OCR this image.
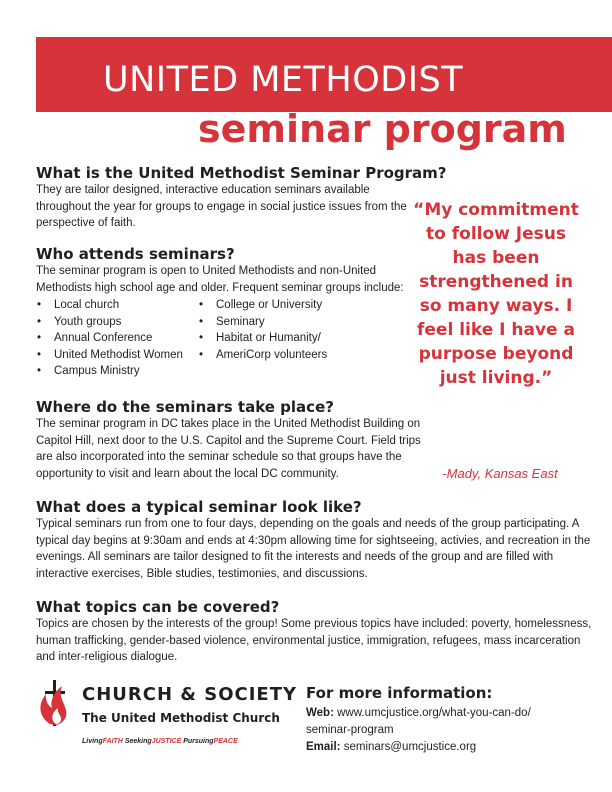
UNITED METHODIST
seminar program
What is the United Methodist Seminar Program?
They are tailor designed, interactive education seminars available throughout the year for groups to engage in social justice issues from the perspective of faith.
Who attends seminars?
The seminar program is open to United Methodists and non-United Methodists high school age and older. Frequent seminar groups include:
• Local church
• Youth groups
• Annual Conference
• United Methodist Women
• Campus Ministry
• College or University
• Seminary
• Habitat or Humanity/
• AmeriCorp volunteers
Where do the seminars take place?
The seminar program in DC takes place in the United Methodist Building on Capitol Hill, next door to the U.S. Capitol and the Supreme Court. Field trips are also incorporated into the seminar schedule so that groups have the opportunity to visit and learn about the local DC community.
What does a typical seminar look like?
Typical seminars run from one to four days, depending on the goals and needs of the group participating. A typical day begins at 9:30am and ends at 4:30pm allowing time for sightseeing, activies, and recreation in the evenings. All seminars are tailor designed to fit the interests and needs of the group and are filled with interactive exercises, Bible studies, testimonies, and discussions.
What topics can be covered?
Topics are chosen by the interests of the group! Some previous topics have included: poverty, homelessness, human trafficking, gender-based violence, environmental justice, immigration, refugees, mass incarceration and inter-religious dialogue.
“My commitment to follow Jesus has been strengthened in so many ways. I feel like I have a purpose beyond just living.”
-Mady, Kansas East
CHURCH & SOCIETY
The United Methodist Church
LivingFAITH SeekingJUSTICE PursuingPEACE
For more information:
Web: www.umcjustice.org/what-you-can-do/
seminar-program
Email: seminars@umcjustice.org
